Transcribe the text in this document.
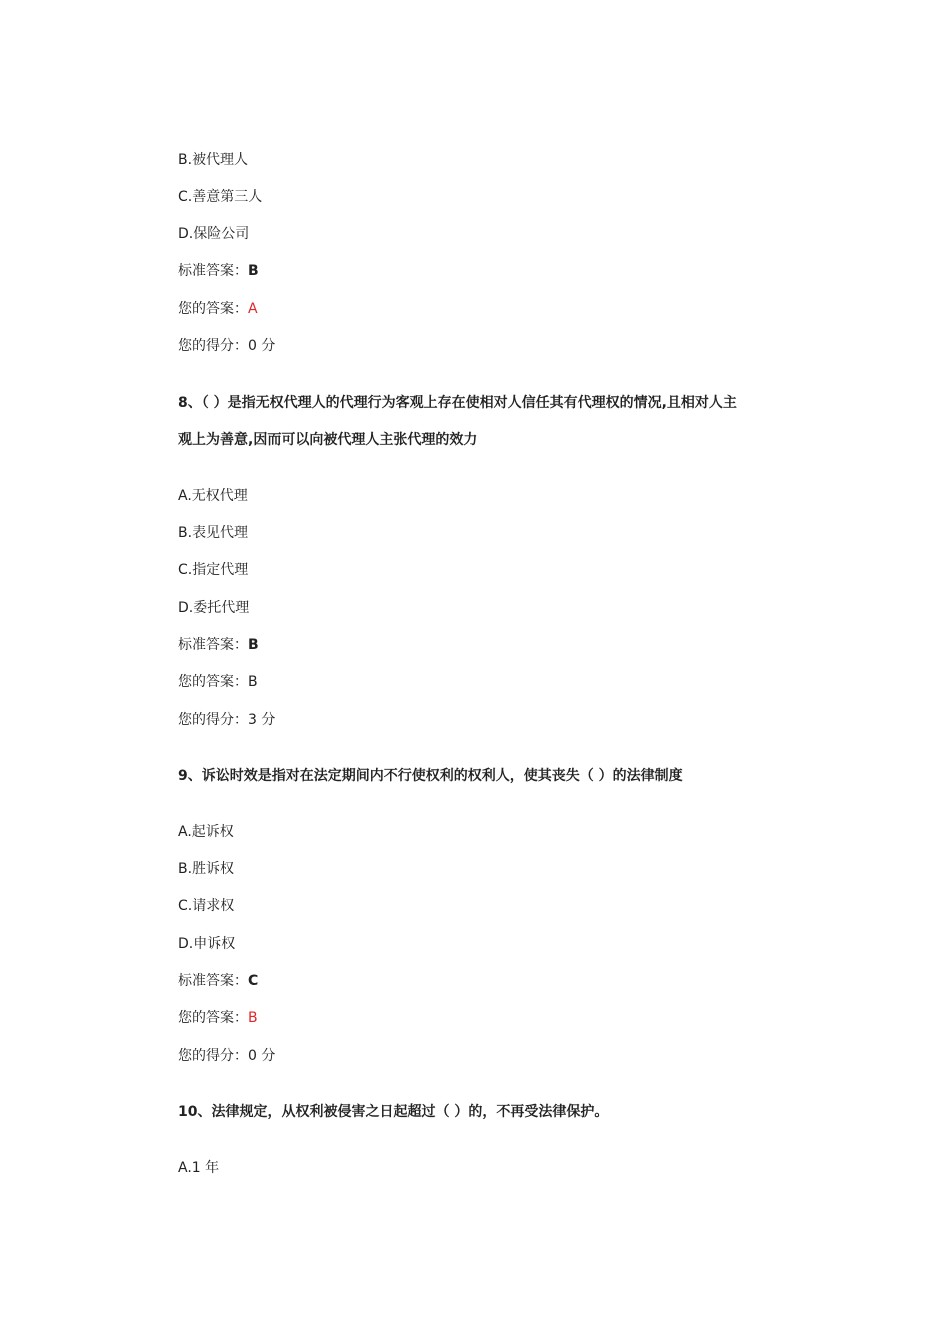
B.被代理人
C.善意第三人
D.保险公司
标准答案：B
您的答案：A
您的得分：0 分
8、（ ）是指无权代理人的代理行为客观上存在使相对人信任其有代理权的情况,且相对人主
观上为善意,因而可以向被代理人主张代理的效力
A.无权代理
B.表见代理
C.指定代理
D.委托代理
标准答案：B
您的答案：B
您的得分：3 分
9、诉讼时效是指对在法定期间内不行使权利的权利人，使其丧失（ ）的法律制度
A.起诉权
B.胜诉权
C.请求权
D.申诉权
标准答案：C
您的答案：B
您的得分：0 分
10、法律规定，从权利被侵害之日起超过（ ）的，不再受法律保护。
A.1 年
